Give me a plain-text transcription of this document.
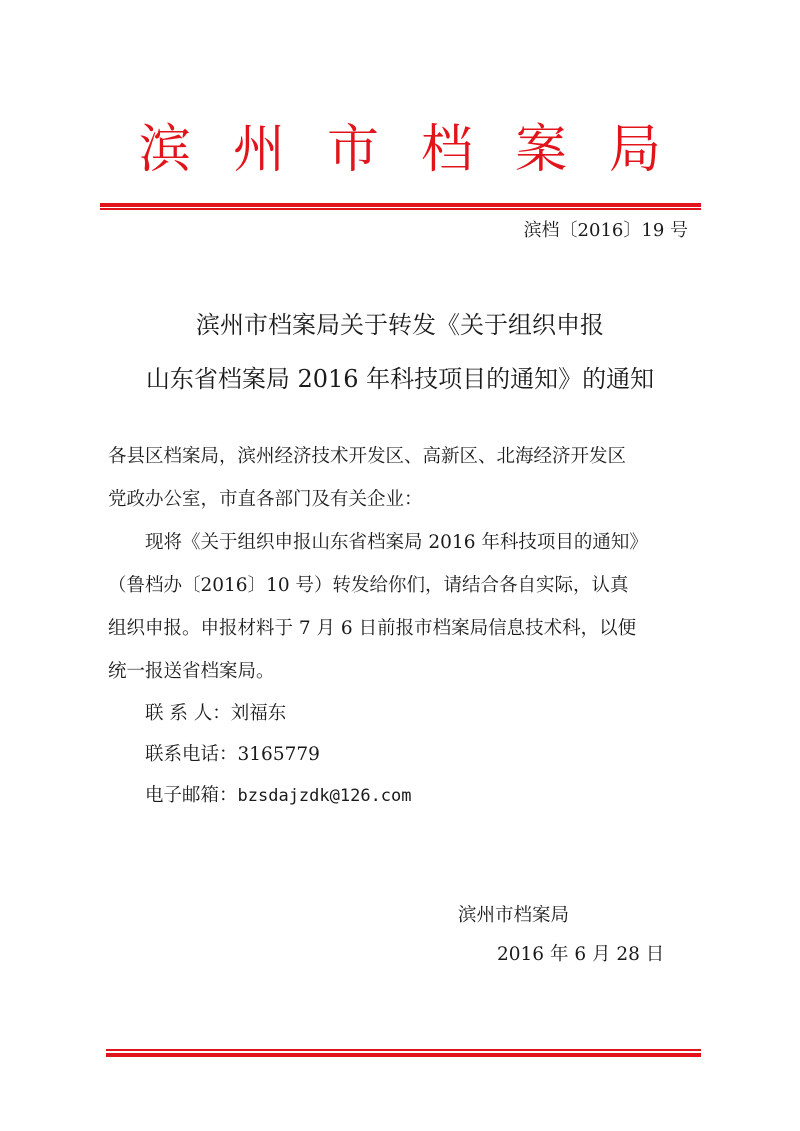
滨州市档案局
滨档〔2016〕19 号
滨州市档案局关于转发《关于组织申报
山东省档案局 2016 年科技项目的通知》的通知
各县区档案局，滨州经济技术开发区、高新区、北海经济开发区
党政办公室，市直各部门及有关企业：
现将《关于组织申报山东省档案局 2016 年科技项目的通知》
（鲁档办〔2016〕10 号）转发给你们，请结合各自实际，认真
组织申报。申报材料于 7 月 6 日前报市档案局信息技术科，以便
统一报送省档案局。
联 系 人：刘福东
联系电话：3165779
电子邮箱：bzsdajzdk@126.com
滨州市档案局
2016 年 6 月 28 日
